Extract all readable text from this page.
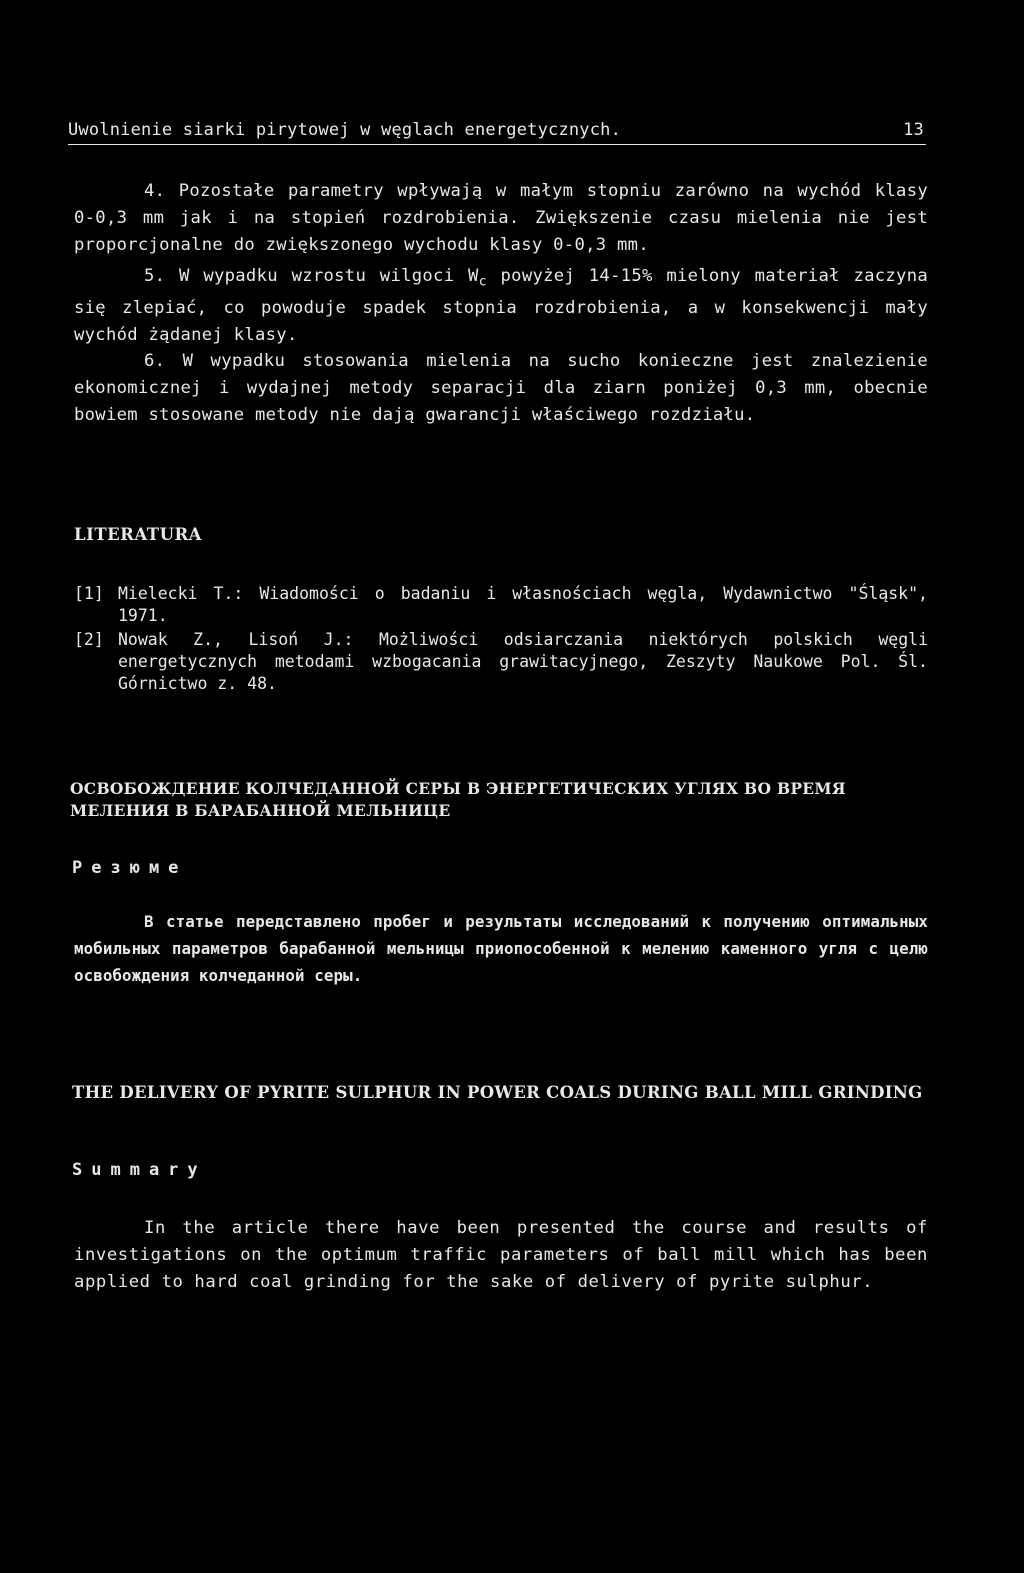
Uwolnienie siarki pirytowej w węglach energetycznych.	13

4. Pozostałe parametry wpływają w małym stopniu zarówno na wychód klasy 0-0,3 mm jak i na stopień rozdrobienia. Zwiększenie czasu mielenia nie jest proporcjonalne do zwiększonego wychodu klasy 0-0,3 mm.

5. W wypadku wzrostu wilgoci $W_c$ powyżej 14-15% mielony materiał zaczyna się zlepiać, co powoduje spadek stopnia rozdrobienia, a w konsekwencji mały wychód żądanej klasy.

6. W wypadku stosowania mielenia na sucho konieczne jest znalezienie ekonomicznej i wydajnej metody separacji dla ziarn poniżej 0,3 mm, obecnie bowiem stosowane metody nie dają gwarancji właściwego rozdziału.

LITERATURA
[1] Mielecki T.: Wiadomości o badaniu i własnościach węgla, Wydawnictwo "Śląsk", 1971.
[2] Nowak Z., Lisoń J.: Możliwości odsiarczania niektórych polskich węgli energetycznych metodami wzbogacania grawitacyjnego, Zeszyty Naukowe Pol. Śl. Górnictwo z. 48.
ОСВОБОЖДЕНИЕ КОЛЧЕДАННОЙ СЕРЫ В ЭНЕРГЕТИЧЕСКИХ УГЛЯХ ВО ВРЕМЯ МЕЛЕНИЯ В БАРАБАННОЙ МЕЛЬНИЦЕ
Резюме

В статье передставлено пробег и результаты исследований к получению оптимальных мобильных параметров барабанной мельницы приопособенной к мелению каменного угля с целю освобождения колчеданной серы.

THE DELIVERY OF PYRITE SULPHUR IN POWER COALS DURING BALL MILL GRINDING
Summary

In the article there have been presented the course and results of investigations on the optimum traffic parameters of ball mill which has been applied to hard coal grinding for the sake of delivery of pyrite sulphur.
